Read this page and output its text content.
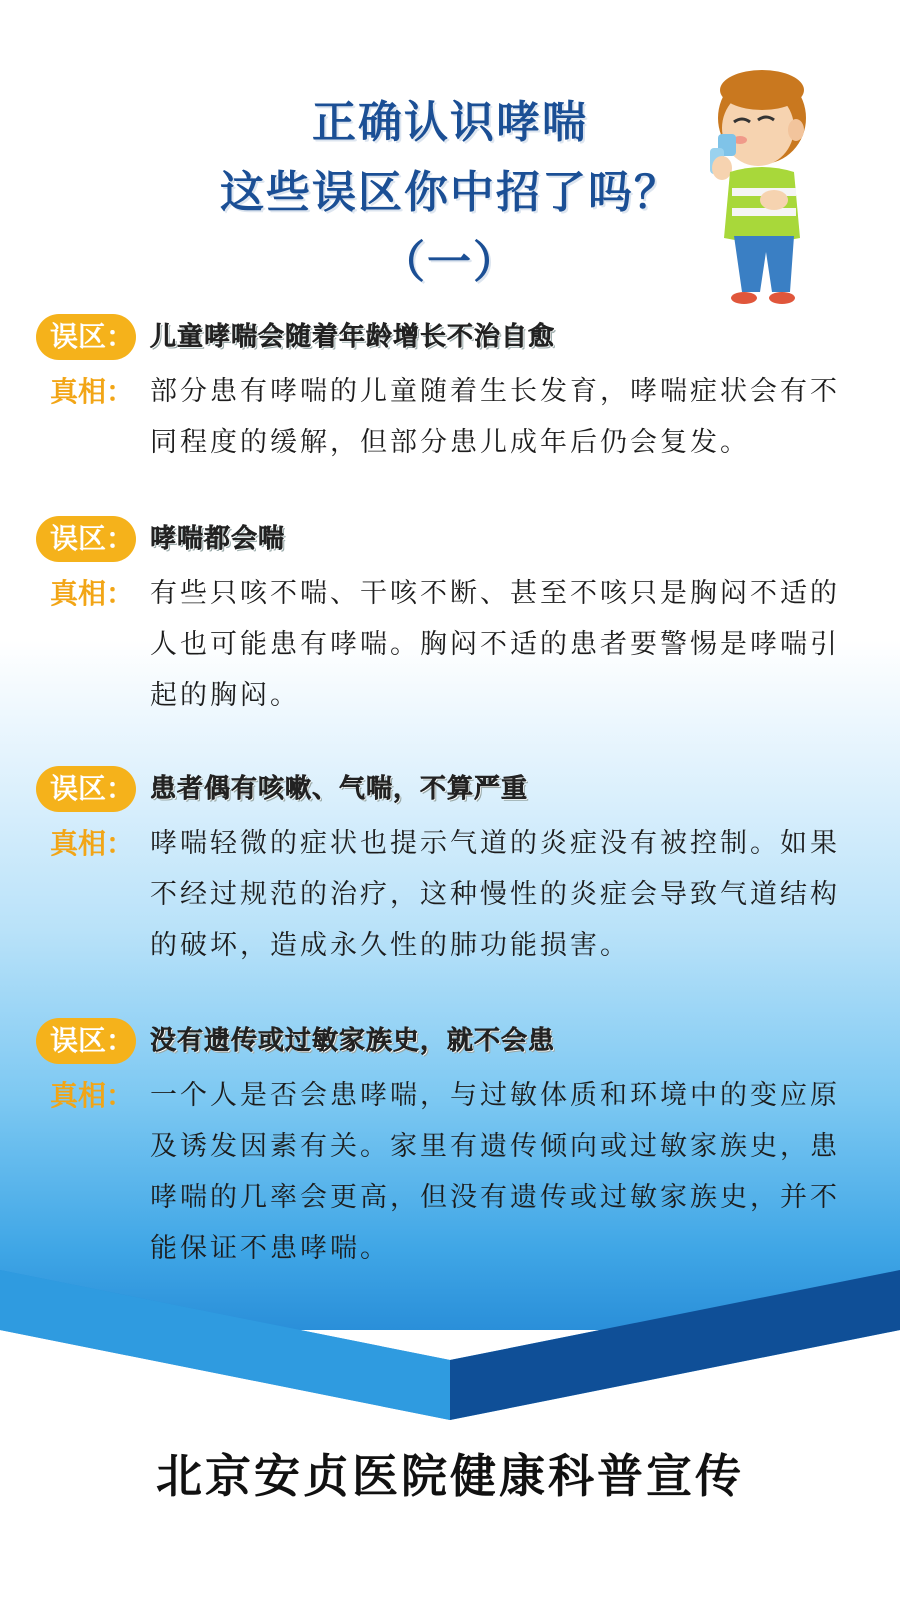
正确认识哮喘
这些误区你中招了吗？
（一）
误区： 儿童哮喘会随着年龄增长不治自愈
真相： 部分患有哮喘的儿童随着生长发育，哮喘症状会有不同程度的缓解，但部分患儿成年后仍会复发。
误区： 哮喘都会喘
真相： 有些只咳不喘、干咳不断、甚至不咳只是胸闷不适的人也可能患有哮喘。胸闷不适的患者要警惕是哮喘引起的胸闷。
误区： 患者偶有咳嗽、气喘，不算严重
真相： 哮喘轻微的症状也提示气道的炎症没有被控制。如果不经过规范的治疗，这种慢性的炎症会导致气道结构的破坏，造成永久性的肺功能损害。
误区： 没有遗传或过敏家族史，就不会患
真相： 一个人是否会患哮喘，与过敏体质和环境中的变应原及诱发因素有关。家里有遗传倾向或过敏家族史，患哮喘的几率会更高，但没有遗传或过敏家族史，并不能保证不患哮喘。
北京安贞医院健康科普宣传
